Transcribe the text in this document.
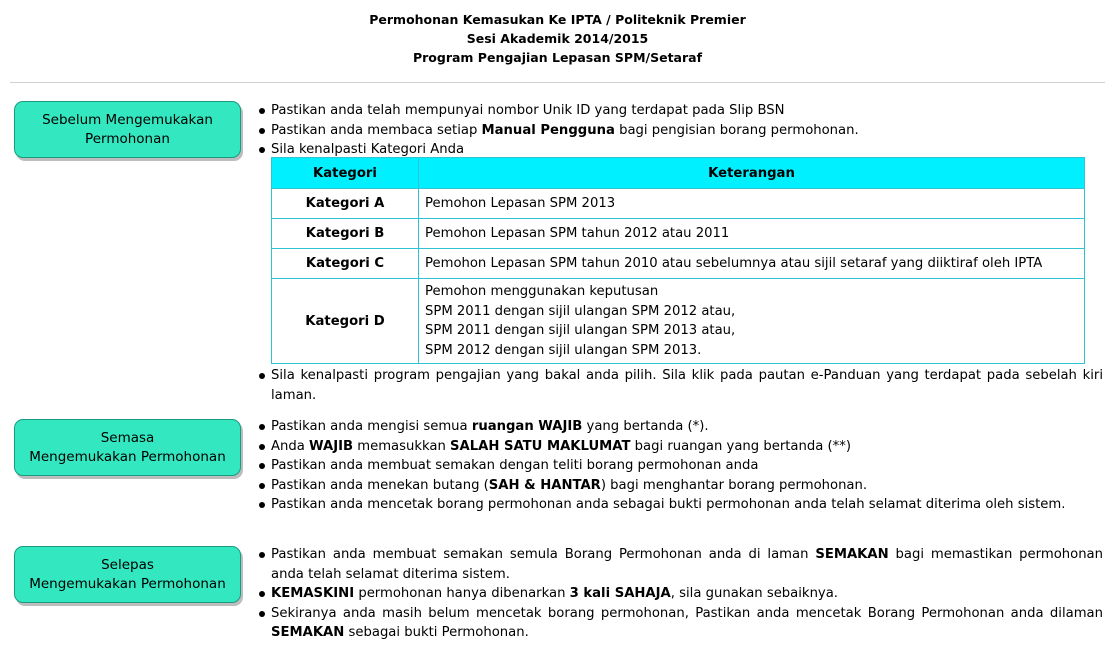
Permohonan Kemasukan Ke IPTA / Politeknik Premier
Sesi Akademik 2014/2015
Program Pengajian Lepasan SPM/Setaraf
Sebelum Mengemukakan
Permohonan
Pastikan anda telah mempunyai nombor Unik ID yang terdapat pada Slip BSN
Pastikan anda membaca setiap Manual Pengguna bagi pengisian borang permohonan.
Sila kenalpasti Kategori Anda
Kategori	Keterangan
Kategori A	Pemohon Lepasan SPM 2013
Kategori B	Pemohon Lepasan SPM tahun 2012 atau 2011
Kategori C	Pemohon Lepasan SPM tahun 2010 atau sebelumnya atau sijil setaraf yang diiktiraf oleh IPTA
Kategori D	Pemohon menggunakan keputusan
SPM 2011 dengan sijil ulangan SPM 2012 atau,
SPM 2011 dengan sijil ulangan SPM 2013 atau,
SPM 2012 dengan sijil ulangan SPM 2013.
Sila kenalpasti program pengajian yang bakal anda pilih. Sila klik pada pautan e-Panduan yang terdapat pada sebelah kiri laman.
Semasa
Mengemukakan Permohonan
Pastikan anda mengisi semua ruangan WAJIB yang bertanda (*).
Anda WAJIB memasukkan SALAH SATU MAKLUMAT bagi ruangan yang bertanda (**)
Pastikan anda membuat semakan dengan teliti borang permohonan anda
Pastikan anda menekan butang (SAH & HANTAR) bagi menghantar borang permohonan.
Pastikan anda mencetak borang permohonan anda sebagai bukti permohonan anda telah selamat diterima oleh sistem.
Selepas
Mengemukakan Permohonan
Pastikan anda membuat semakan semula Borang Permohonan anda di laman SEMAKAN bagi memastikan permohonan anda telah selamat diterima sistem.
KEMASKINI permohonan hanya dibenarkan 3 kali SAHAJA, sila gunakan sebaiknya.
Sekiranya anda masih belum mencetak borang permohonan, Pastikan anda mencetak Borang Permohonan anda dilaman SEMAKAN sebagai bukti Permohonan.
